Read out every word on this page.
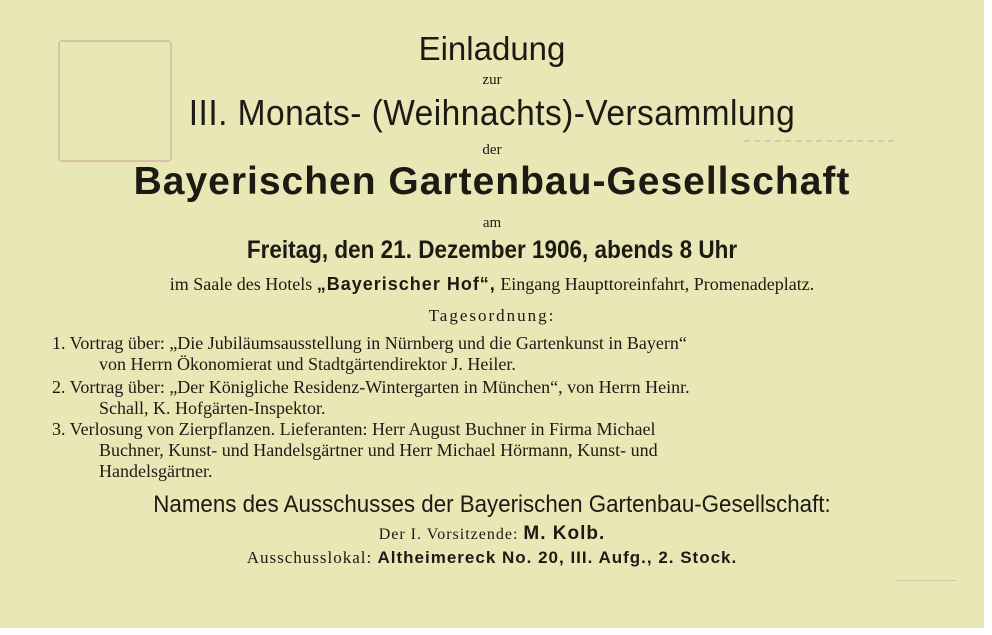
Einladung
zur
III. Monats- (Weihnachts)-Versammlung
der
Bayerischen Gartenbau-Gesellschaft
am
Freitag, den 21. Dezember 1906, abends 8 Uhr
im Saale des Hotels „Bayerischer Hof“, Eingang Haupttoreinfahrt, Promenadeplatz.
Tagesordnung:
1. Vortrag über: „Die Jubiläumsausstellung in Nürnberg und die Gartenkunst in Bayern“
von Herrn Ökonomierat und Stadtgärtendirektor J. Heiler.
2. Vortrag über: „Der Königliche Residenz-Wintergarten in München“, von Herrn Heinr.
Schall, K. Hofgärten-Inspektor.
3. Verlosung von Zierpflanzen. Lieferanten: Herr August Buchner in Firma Michael
Buchner, Kunst- und Handelsgärtner und Herr Michael Hörmann, Kunst- und
Handelsgärtner.
Namens des Ausschusses der Bayerischen Gartenbau-Gesellschaft:
Der I. Vorsitzende: M. Kolb.
Ausschusslokal: Altheimereck No. 20, III. Aufg., 2. Stock.
